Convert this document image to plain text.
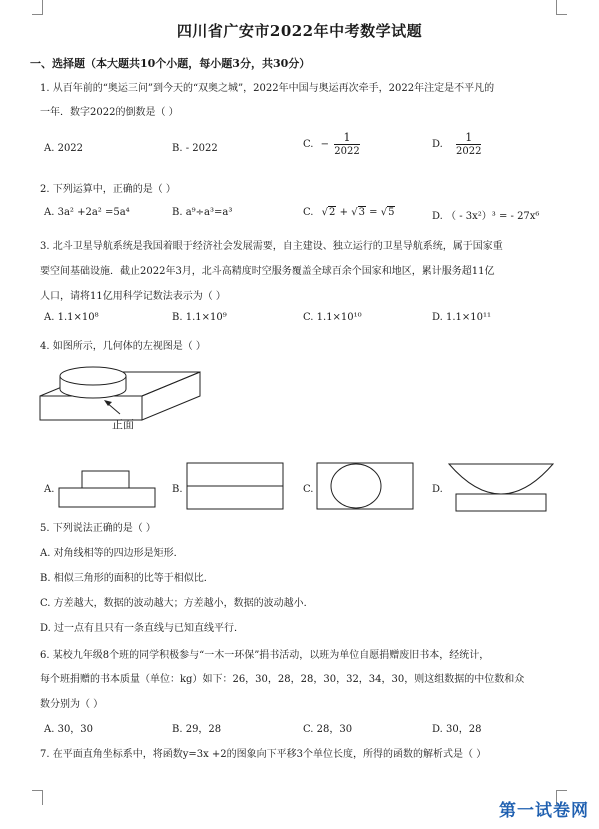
四川省广安市2022年中考数学试题
一、选择题（本大题共10个小题，每小题3分，共30分）
1. 从百年前的“奥运三问”到今天的“双奥之城”，2022年中国与奥运再次牵手，2022年注定是不平凡的
一年．数字2022的倒数是（ ）
A. 2022	B. - 2022	C. − $\frac{1}{2022}$	D. $\frac{1}{2022}$
2. 下列运算中，正确的是（ ）
A. 3a² +2a² =5a⁴	B. a⁹÷a³=a³	C. √2 + √3 = √5	D. （ - 3x²）³ = - 27x⁶
3. 北斗卫星导航系统是我国着眼于经济社会发展需要，自主建设、独立运行的卫星导航系统，属于国家重
要空间基础设施．截止2022年3月，北斗高精度时空服务覆盖全球百余个国家和地区，累计服务超11亿
人口，请将11亿用科学记数法表示为（ ）
A. 1.1×10⁸	B. 1.1×10⁹	C. 1.1×10¹⁰	D. 1.1×10¹¹
4. 如图所示，几何体的左视图是（ ）
正面
A.	B.	C.	D.
5. 下列说法正确的是（ ）
A. 对角线相等的四边形是矩形．
B. 相似三角形的面积的比等于相似比．
C. 方差越大，数据的波动越大；方差越小，数据的波动越小．
D. 过一点有且只有一条直线与已知直线平行．
6. 某校九年级8个班的同学积极参与“一木一环保”捐书活动，以班为单位自愿捐赠废旧书本，经统计，
每个班捐赠的书本质量（单位：kg）如下：26，30，28，28，30，32，34，30，则这组数据的中位数和众
数分别为（ ）
A. 30，30	B. 29，28	C. 28，30	D. 30，28
7. 在平面直角坐标系中，将函数y=3x +2的图象向下平移3个单位长度，所得的函数的解析式是（ ）
第一试卷网
